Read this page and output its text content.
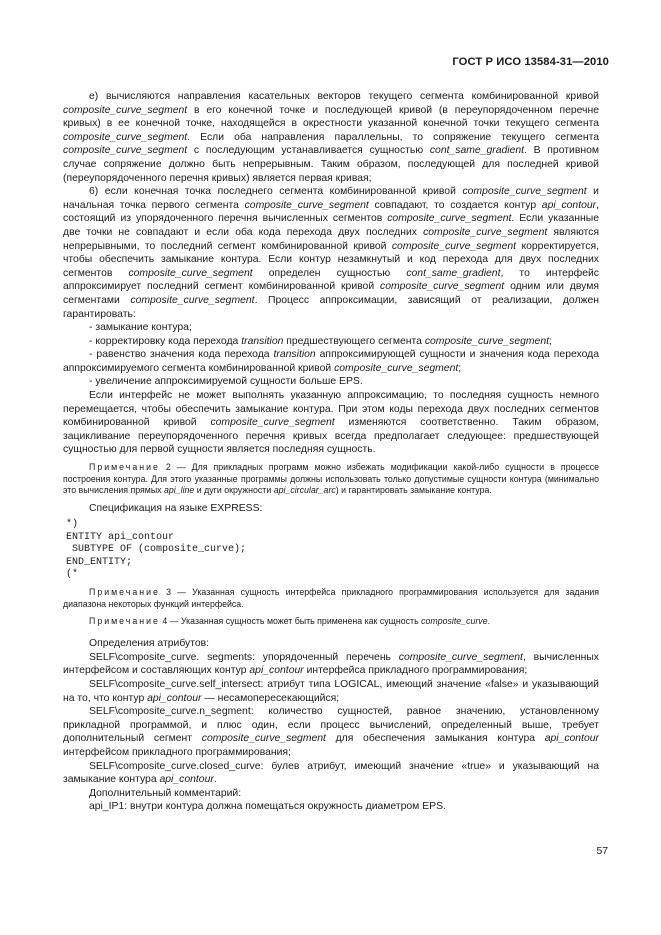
ГОСТ Р ИСО 13584-31—2010

е) вычисляются направления касательных векторов текущего сегмента комбинированной кривой composite_curve_segment в его конечной точке и последующей кривой (в переупорядоченном перечне кривых) в ее конечной точке, находящейся в окрестности указанной конечной точки текущего сегмента composite_curve_segment. Если оба направления параллельны, то сопряжение текущего сегмента composite_curve_segment с последующим устанавливается сущностью cont_same_gradient. В противном случае сопряжение должно быть непрерывным. Таким образом, последующей для последней кривой (переупорядоченного перечня кривых) является первая кривая;

6) если конечная точка последнего сегмента комбинированной кривой composite_curve_segment и начальная точка первого сегмента composite_curve_segment совпадают, то создается контур api_contour, состоящий из упорядоченного перечня вычисленных сегментов composite_curve_segment. Если указанные две точки не совпадают и если оба кода перехода двух последних composite_curve_segment являются непрерывными, то последний сегмент комбинированной кривой composite_curve_segment корректируется, чтобы обеспечить замыкание контура. Если контур незамкнутый и код перехода для двух последних сегментов composite_curve_segment определен сущностью cont_same_gradient, то интерфейс аппроксимирует последний сегмент комбинированной кривой composite_curve_segment одним или двумя сегментами composite_curve_segment. Процесс аппроксимации, зависящий от реализации, должен гарантировать:

- замыкание контура;

- корректировку кода перехода transition предшествующего сегмента composite_curve_segment;

- равенство значения кода перехода transition аппроксимирующей сущности и значения кода перехода аппроксимируемого сегмента комбинированной кривой composite_curve_segment;

- увеличение аппроксимируемой сущности больше EPS.

Если интерфейс не может выполнять указанную аппроксимацию, то последняя сущность немного перемещается, чтобы обеспечить замыкание контура. При этом коды перехода двух последних сегментов комбинированной кривой composite_curve_segment изменяются соответственно. Таким образом, зацикливание переупорядоченного перечня кривых всегда предполагает следующее: предшествующей сущностью для первой сущности является последняя сущность.

Примечание 2 — Для прикладных программ можно избежать модификации какой-либо сущности в процессе построения контура. Для этого указанные программы должны использовать только допустимые сущности контура (минимально это вычисления прямых api_line и дуги окружности api_circular_arc) и гарантировать замыкание контура.

Спецификация на языке EXPRESS:

*)
ENTITY api_contour
SUBTYPE OF (composite_curve);
END_ENTITY;
(*

Примечание 3 — Указанная сущность интерфейса прикладного программирования используется для задания диапазона некоторых функций интерфейса.

Примечание 4 — Указанная сущность может быть применена как сущность composite_curve.

Определения атрибутов:

SELF\composite_curve. segments: упорядоченный перечень composite_curve_segment, вычисленных интерфейсом и составляющих контур api_contour интерфейса прикладного программирования;

SELF\composite_curve.self_intersect: атрибут типа LOGICAL, имеющий значение «false» и указывающий на то, что контур api_contour — несамопересекающийся;

SELF\composite_curve.n_segment: количество сущностей, равное значению, установленному прикладной программой, и плюс один, если процесс вычислений, определенный выше, требует дополнительный сегмент composite_curve_segment для обеспечения замыкания контура api_contour интерфейсом прикладного программирования;

SELF\composite_curve.closed_curve: булев атрибут, имеющий значение «true» и указывающий на замыкание контура api_contour.

Дополнительный комментарий:

api_IP1: внутри контура должна помещаться окружность диаметром EPS.

57
